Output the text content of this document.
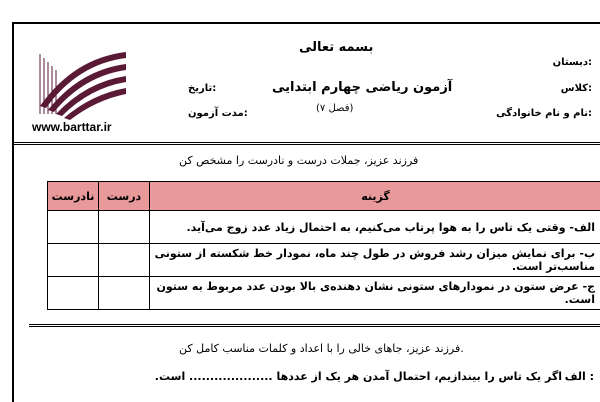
بسمه تعالی
دبستان:
کلاس:
نام و نام خانوادگی:
آزمون ریاضی چهارم ابتدایی
(فصل ۷)
تاریخ:
مدت آزمون:
www.barttar.ir
فرزند عزیز، جملات درست و نادرست را مشخص کن
نادرست	درست	گزینه
		الف- وقتی یک تاس را به هوا پرتاب می‌کنیم، به احتمال زیاد عدد زوج می‌آید.
		ب- برای نمایش میزان رشد فروش در طول چند ماه، نمودار خط شکسته از ستونی مناسب‌تر است.
		ج- عرض ستون در نمودارهای ستونی نشان دهنده‌ی بالا بودن عدد مربوط به ستون است.
فرزند عزیز، جاهای خالی را با اعداد و کلمات مناسب کامل کن.
الف :
اگر یک تاس را بیندازیم، احتمال آمدن هر یک از عددها .................... است.
